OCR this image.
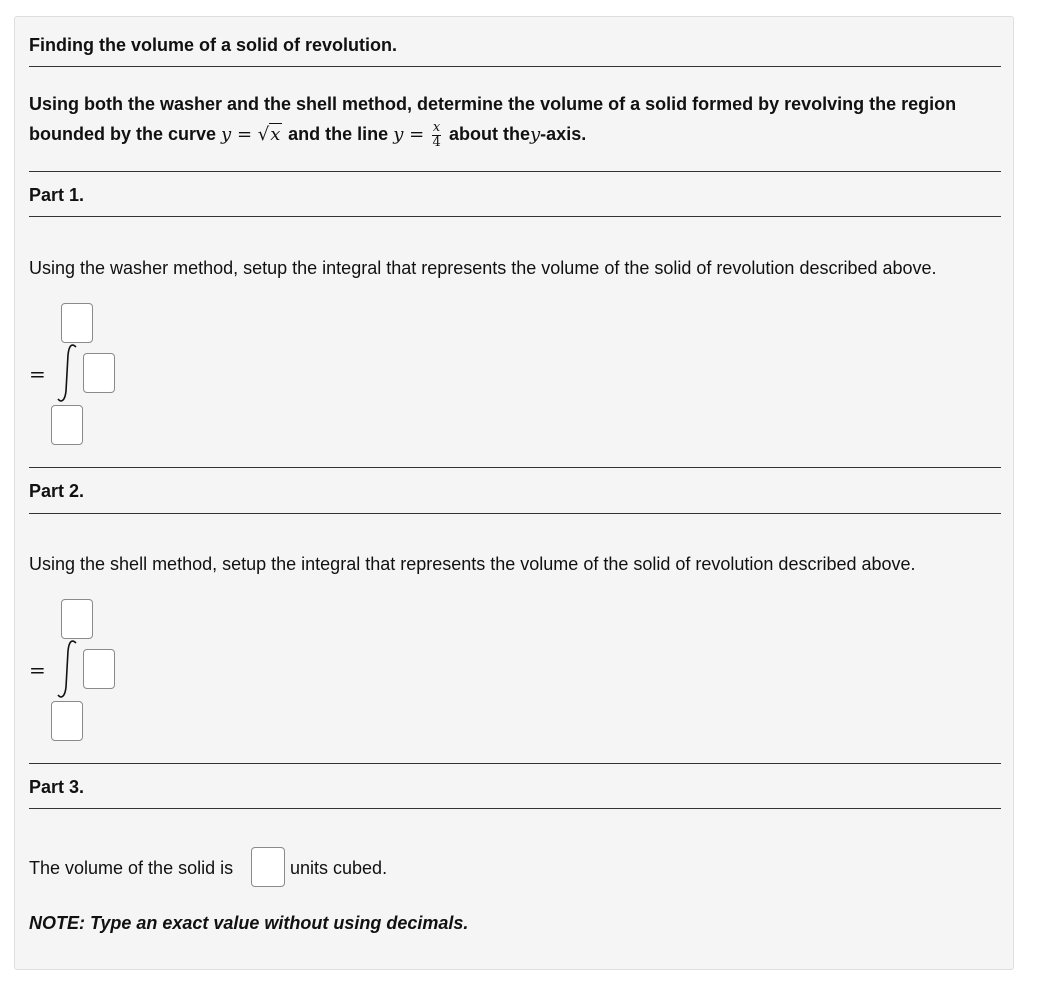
Finding the volume of a solid of revolution.
Using both the washer and the shell method, determine the volume of a solid formed by revolving the region
bounded by the curve y = √x and the line $y = \frac{x}{4}$ about they-axis.
Part 1.
Using the washer method, setup the integral that represents the volume of the solid of revolution described above.
=
Part 2.
Using the shell method, setup the integral that represents the volume of the solid of revolution described above.
=
Part 3.
The volume of the solid is	units cubed.
NOTE: Type an exact value without using decimals.
